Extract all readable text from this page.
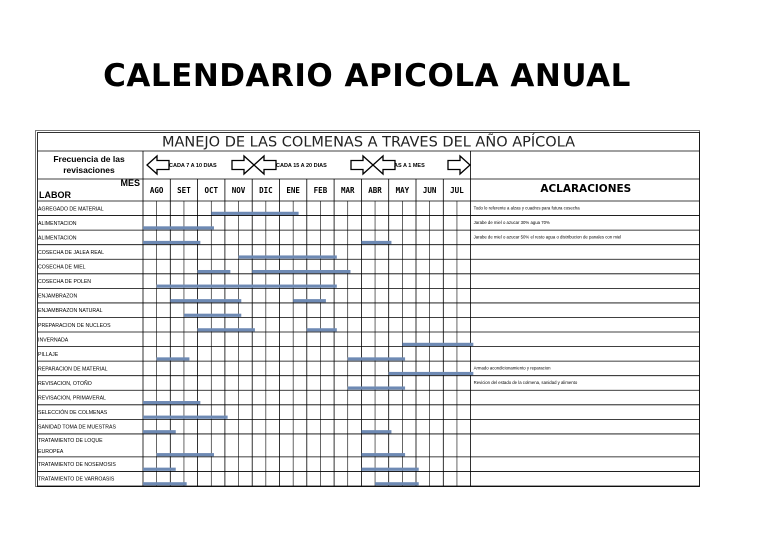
CALENDARIO APICOLA ANUAL
MANEJO DE LAS COLMENAS A TRAVES DEL AÑO APÍCOLA
Frecuencia de las
revisaciones	CADA 7 A 10 DIAS	CADA 15 A 20 DIAS	AS A 1 MES
MES
LABOR	AGO SET OCT NOV DIC ENE FEB MAR ABR MAY JUN JUL	ACLARACIONES
AGREGADO DE MATERIAL	Todo lo referente a alzas y cuadros para futura cosecha
ALIMENTACION	Jarabe de miel o azucar 30% agua 70%
ALIMENTACION	Jarabe de miel o azucar 50% el resto agua o distribucion de panales con miel
COSECHA DE JALEA REAL
COSECHA DE MIEL
COSECHA DE POLEN
ENJAMBRAZON
ENJAMBRAZON NATURAL
PREPARACION DE NUCLEOS
INVERNADA
PILLAJE
REPARACION DE MATERIAL	Armado acondicionamiento y reparacion
REVISACION, OTOÑO	Revicion del estado de la colmena, sanidad y alimento
REVISACION, PRIMAVERAL
SELECCIÓN DE COLMENAS
SANIDAD TOMA DE MUESTRAS
TRATAMIENTO DE LOQUE
EUROPEA
TRATAMIENTO DE NOSEMOSIS
TRATAMIENTO DE VARROASIS
